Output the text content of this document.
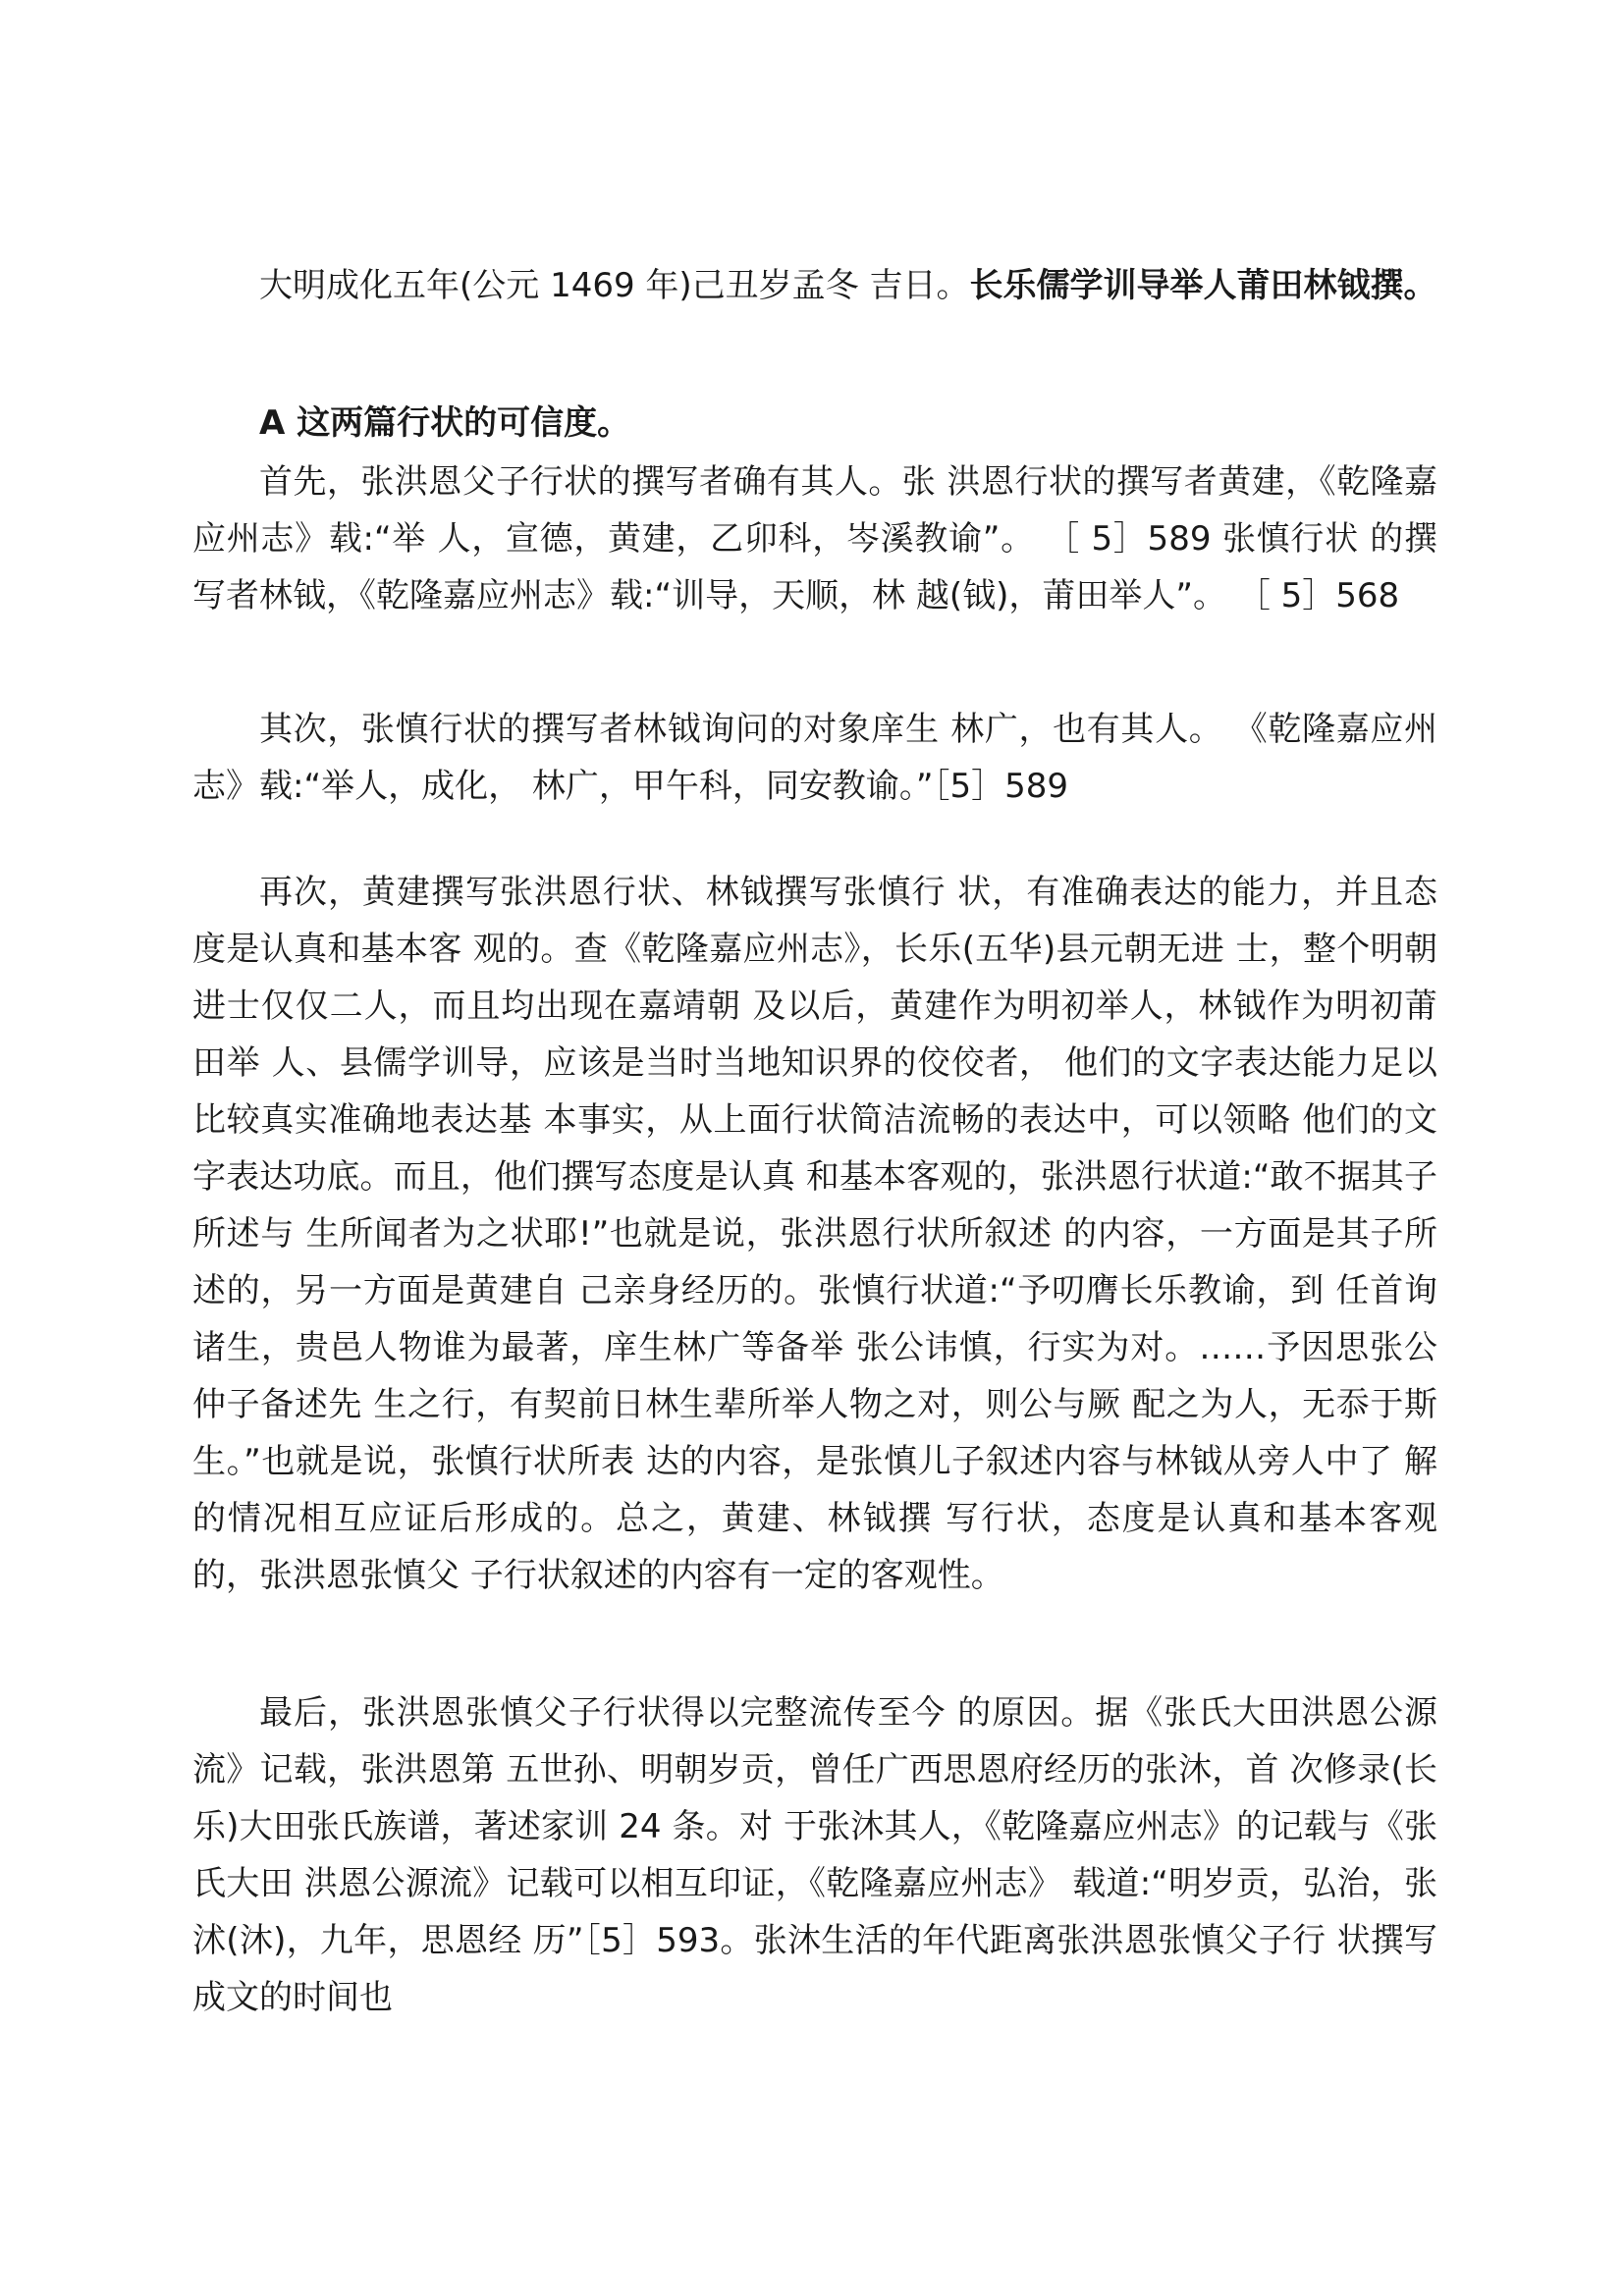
大明成化五年(公元 1469 年)己丑岁孟冬 吉日。长乐儒学训导举人莆田林钺撰。

A 这两篇行状的可信度。

首先，张洪恩父子行状的撰写者确有其人。张 洪恩行状的撰写者黄建，《乾隆嘉应州志》载:“举 人，宣德，黄建，乙卯科，岑溪教谕”。 ［ 5］589 张慎行状 的撰写者林钺，《乾隆嘉应州志》载:“训导，天顺，林 越(钺)，莆田举人”。 ［ 5］568

其次，张慎行状的撰写者林钺询问的对象庠生 林广，也有其人。 《乾隆嘉应州志》载:“举人，成化， 林广，甲午科，同安教谕。”［5］589

再次，黄建撰写张洪恩行状、林钺撰写张慎行 状，有准确表达的能力，并且态度是认真和基本客 观的。查《乾隆嘉应州志》，长乐(五华)县元朝无进 士，整个明朝进士仅仅二人，而且均出现在嘉靖朝 及以后，黄建作为明初举人，林钺作为明初莆田举 人、县儒学训导，应该是当时当地知识界的佼佼者， 他们的文字表达能力足以比较真实准确地表达基 本事实，从上面行状简洁流畅的表达中，可以领略 他们的文字表达功底。而且，他们撰写态度是认真 和基本客观的，张洪恩行状道:“敢不据其子所述与 生所闻者为之状耶!”也就是说，张洪恩行状所叙述 的内容，一方面是其子所述的，另一方面是黄建自 己亲身经历的。张慎行状道:“予叨膺长乐教谕，到 任首询诸生，贵邑人物谁为最著，庠生林广等备举 张公讳慎，行实为对。……予因思张公仲子备述先 生之行，有契前日林生辈所举人物之对，则公与厥 配之为人，无忝于斯生。”也就是说，张慎行状所表 达的内容，是张慎儿子叙述内容与林钺从旁人中了 解的情况相互应证后形成的。总之，黄建、林钺撰 写行状，态度是认真和基本客观的，张洪恩张慎父 子行状叙述的内容有一定的客观性。

最后，张洪恩张慎父子行状得以完整流传至今 的原因。据《张氏大田洪恩公源流》记载，张洪恩第 五世孙、明朝岁贡，曾任广西思恩府经历的张沐，首 次修录(长乐)大田张氏族谱，著述家训 24 条。对 于张沐其人，《乾隆嘉应州志》的记载与《张氏大田 洪恩公源流》记载可以相互印证，《乾隆嘉应州志》 载道:“明岁贡，弘治，张沭(沐)，九年，思恩经 历”［5］593。张沐生活的年代距离张洪恩张慎父子行 状撰写成文的时间也
